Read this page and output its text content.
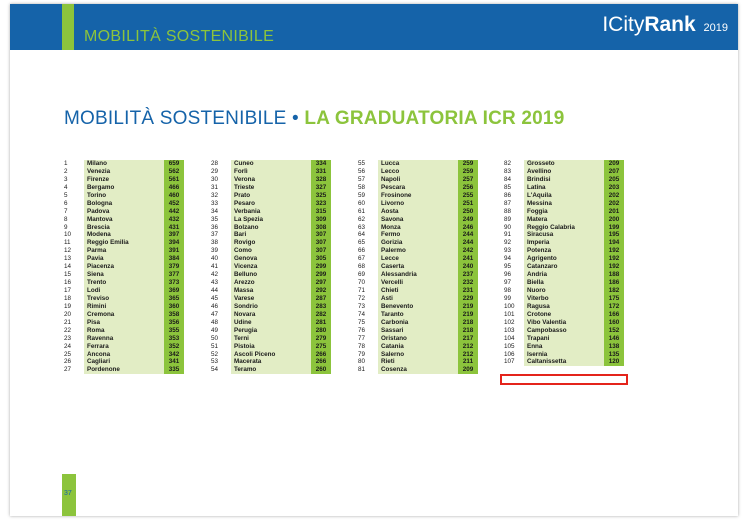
MOBILITÀ SOSTENIBILE
ICityRank 2019
MOBILITÀ SOSTENIBILE • LA GRADUATORIA ICR 2019
1	Milano	659
2	Venezia	562
3	Firenze	561
4	Bergamo	466
5	Torino	460
6	Bologna	452
7	Padova	442
8	Mantova	432
9	Brescia	431
10	Modena	397
11	Reggio Emilia	394
12	Parma	391
13	Pavia	384
14	Piacenza	379
15	Siena	377
16	Trento	373
17	Lodi	369
18	Treviso	365
19	Rimini	360
20	Cremona	358
21	Pisa	356
22	Roma	355
23	Ravenna	353
24	Ferrara	352
25	Ancona	342
26	Cagliari	341
27	Pordenone	335
28	Cuneo	334
29	Forlì	331
30	Verona	328
31	Trieste	327
32	Prato	325
33	Pesaro	323
34	Verbania	315
35	La Spezia	309
36	Bolzano	308
37	Bari	307
38	Rovigo	307
39	Como	307
40	Genova	305
41	Vicenza	299
42	Belluno	299
43	Arezzo	297
44	Massa	292
45	Varese	287
46	Sondrio	283
47	Novara	282
48	Udine	281
49	Perugia	280
50	Terni	279
51	Pistoia	275
52	Ascoli Piceno	266
53	Macerata	266
54	Teramo	260
55	Lucca	259
56	Lecco	259
57	Napoli	257
58	Pescara	256
59	Frosinone	255
60	Livorno	251
61	Aosta	250
62	Savona	249
63	Monza	246
64	Fermo	244
65	Gorizia	244
66	Palermo	242
67	Lecce	241
68	Caserta	240
69	Alessandria	237
70	Vercelli	232
71	Chieti	231
72	Asti	229
73	Benevento	219
74	Taranto	219
75	Carbonia	218
76	Sassari	218
77	Oristano	217
78	Catania	212
79	Salerno	212
80	Rieti	211
81	Cosenza	209
82	Grosseto	209
83	Avellino	207
84	Brindisi	205
85	Latina	203
86	L'Aquila	202
87	Messina	202
88	Foggia	201
89	Matera	200
90	Reggio Calabria	199
91	Siracusa	195
92	Imperia	194
93	Potenza	192
94	Agrigento	192
95	Catanzaro	192
96	Andria	188
97	Biella	186
98	Nuoro	182
99	Viterbo	175
100	Ragusa	172
101	Crotone	166
102	Vibo Valentia	160
103	Campobasso	152
104	Trapani	146
105	Enna	138
106	Isernia	135
107	Caltanissetta	120
37
